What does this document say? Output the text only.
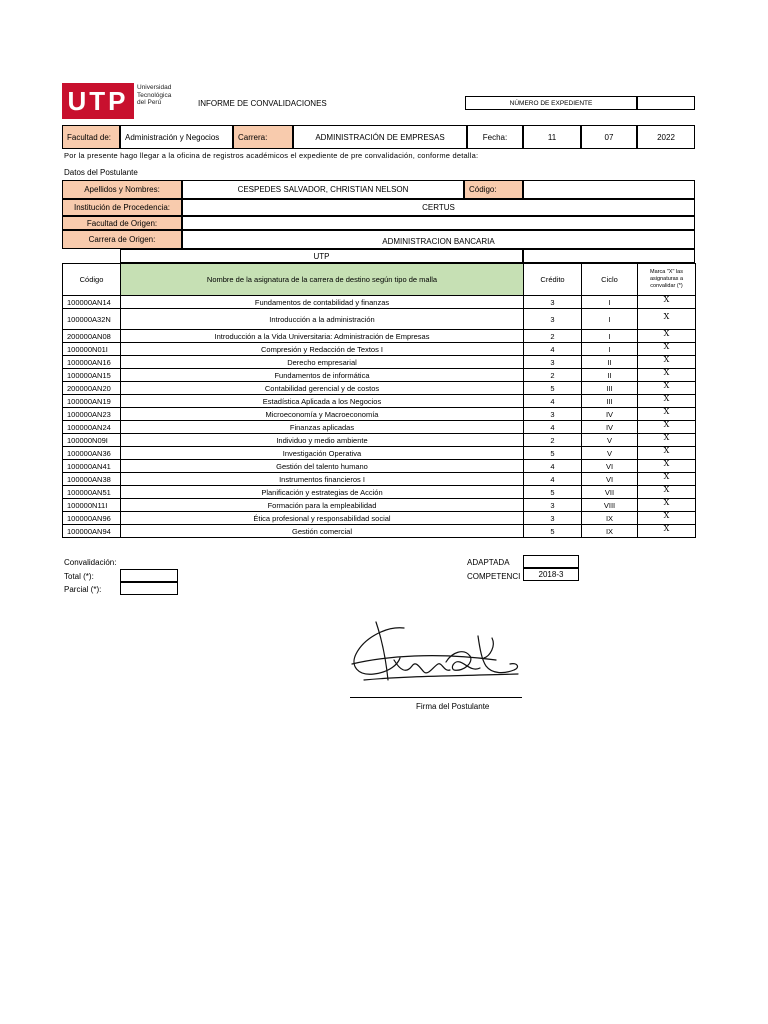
UTP Universidad
Tecnológica
del Perú	INFORME DE CONVALIDACIONES	NÚMERO DE EXPEDIENTE
Facultad de:	Administración y Negocios	Carrera:	ADMINISTRACIÓN DE EMPRESAS	Fecha:	11	07	2022
Por la presente hago llegar a la oficina de registros académicos el expediente de pre convalidación, conforme detalla:
Datos del Postulante
Apellidos y Nombres:	CESPEDES SALVADOR, CHRISTIAN NELSON	Código:
Institución de Procedencia:	CERTUS
Facultad de Origen:
Carrera de Origen:	ADMINISTRACION BANCARIA
UTP
Código	Nombre de la asignatura de la carrera de destino según tipo de malla	Crédito	Ciclo	Marca "X" las asignaturas a convalidar (*)
100000AN14	Fundamentos de contabilidad y finanzas	3	I	X
100000A32N	Introducción a la administración	3	I	X
200000AN08	Introducción a la Vida Universitaria: Administración de Empresas	2	I	X
100000N01I	Compresión y Redacción de Textos I	4	I	X
100000AN16	Derecho empresarial	3	II	X
100000AN15	Fundamentos de informática	2	II	X
200000AN20	Contabilidad gerencial y de costos	5	III	X
100000AN19	Estadística Aplicada a los Negocios	4	III	X
100000AN23	Microeconomía y Macroeconomía	3	IV	X
100000AN24	Finanzas aplicadas	4	IV	X
100000N09I	Individuo y medio ambiente	2	V	X
100000AN36	Investigación Operativa	5	V	X
100000AN41	Gestión del talento humano	4	VI	X
100000AN38	Instrumentos financieros I	4	VI	X
100000AN51	Planificación y estrategias de Acción	5	VII	X
100000N11I	Formación para la empleabilidad	3	VIII	X
100000AN96	Ética profesional y responsabilidad social	3	IX	X
100000AN94	Gestión comercial	5	IX	X
Convalidación:
Total (*):
Parcial (*):
ADAPTADA
COMPETENCI	2018-3
Firma del Postulante
